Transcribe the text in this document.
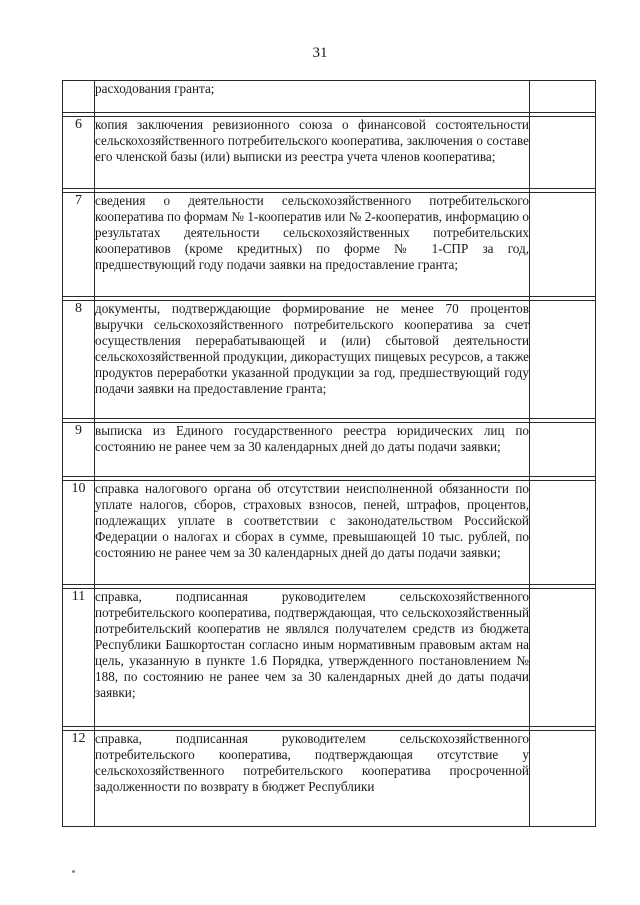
31
	расходования гранта;	

6	копия заключения ревизионного союза о финансовой состоятельности сельскохозяйственного потребительского кооператива, заключения о составе его членской базы (или) выписки из реестра учета членов кооператива;	

7	сведения о деятельности сельскохозяйственного потребительского кооператива по формам № 1-кооператив или № 2-кооператив, информацию о результатах деятельности сельскохозяйственных потребительских кооперативов (кроме кредитных) по форме № 1-СПР за год, предшествующий году подачи заявки на предоставление гранта;	

8	документы, подтверждающие формирование не менее 70 процентов выручки сельскохозяйственного потребительского кооператива за счет осуществления перерабатывающей и (или) сбытовой деятельности сельскохозяйственной продукции, дикорастущих пищевых ресурсов, а также продуктов переработки указанной продукции за год, предшествующий году подачи заявки на предоставление гранта;	

9	выписка из Единого государственного реестра юридических лиц по состоянию не ранее чем за 30 календарных дней до даты подачи заявки;	

10	справка налогового органа об отсутствии неисполненной обязанности по уплате налогов, сборов, страховых взносов, пеней, штрафов, процентов, подлежащих уплате в соответствии с законодательством Российской Федерации о налогах и сборах в сумме, превышающей 10 тыс. рублей, по состоянию не ранее чем за 30 календарных дней до даты подачи заявки;	

11	справка, подписанная руководителем сельскохозяйственного потребительского кооператива, подтверждающая, что сельскохозяйственный потребительский кооператив не являлся получателем средств из бюджета Республики Башкортостан согласно иным нормативным правовым актам на цель, указанную в пункте 1.6 Порядка, утвержденного постановлением № 188, по состоянию не ранее чем за 30 календарных дней до даты подачи заявки;	

12	справка, подписанная руководителем сельскохозяйственного потребительского кооператива, подтверждающая отсутствие у сельскохозяйственного потребительского кооператива просроченной задолженности по возврату в бюджет Республики	
